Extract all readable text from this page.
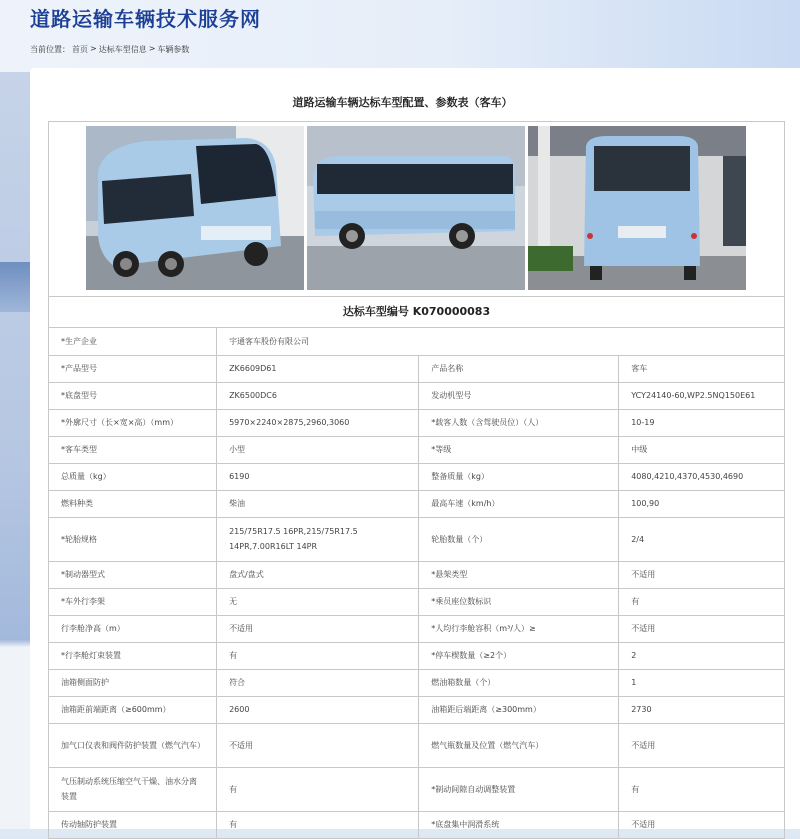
道路运输车辆技术服务网
当前位置： 首页 > 达标车型信息 > 车辆参数
道路运输车辆达标车型配置、参数表（客车）
达标车型编号 K070000083
*生产企业	宇通客车股份有限公司		
*产品型号	ZK6609D61	产品名称	客车
*底盘型号	ZK6500DC6	发动机型号	YCY24140-60,WP2.5NQ150E61
*外廓尺寸（长×宽×高）（mm）	5970×2240×2875,2960,3060	*载客人数（含驾驶员位）（人）	10-19
*客车类型	小型	*等级	中级
总质量（kg）	6190	整备质量（kg）	4080,4210,4370,4530,4690
燃料种类	柴油	最高车速（km/h）	100,90
*轮胎规格	215/75R17.5 16PR,215/75R17.5 14PR,7.00R16LT 14PR	轮胎数量（个）	2/4
*制动器型式	盘式/盘式	*悬架类型	不适用
*车外行李架	无	*乘员座位数标识	有
行李舱净高（m）	不适用	*人均行李舱容积（m³/人）≥	不适用
*行李舱灯束装置	有	*停车楔数量（≥2个）	2
油箱侧面防护	符合	燃油箱数量（个）	1
油箱距前端距离（≥600mm）	2600	油箱距后端距离（≥300mm）	2730
加气口仪表和阀件防护装置（燃气汽车）	不适用	燃气瓶数量及位置（燃气汽车）	不适用
气压制动系统压缩空气干燥、油水分离装置	有	*制动间隙自动调整装置	有
传动轴防护装置	有	*底盘集中润滑系统	不适用
